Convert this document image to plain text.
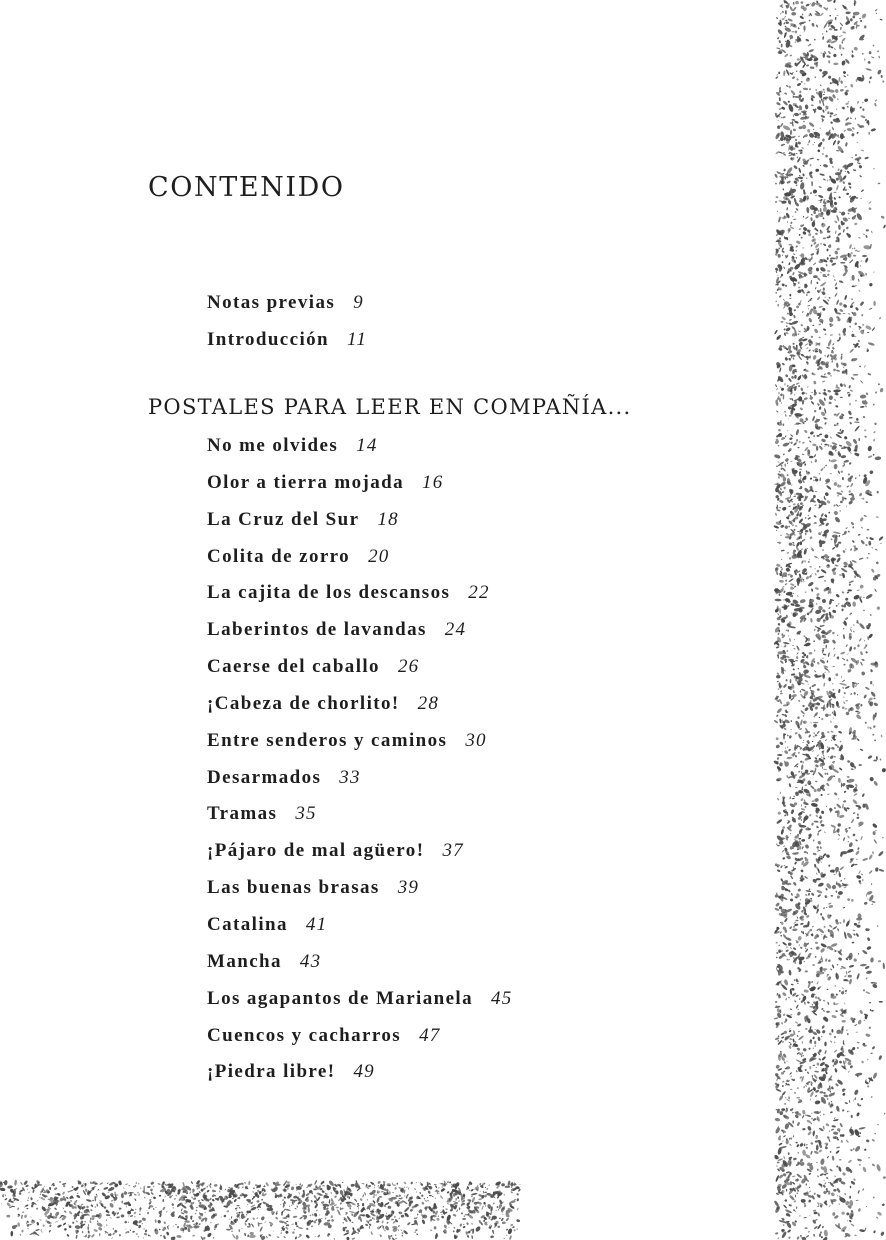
CONTENIDO
Notas previas 9
Introducción 11
POSTALES PARA LEER EN COMPAÑÍA...
No me olvides 14
Olor a tierra mojada 16
La Cruz del Sur 18
Colita de zorro 20
La cajita de los descansos 22
Laberintos de lavandas 24
Caerse del caballo 26
¡Cabeza de chorlito! 28
Entre senderos y caminos 30
Desarmados 33
Tramas 35
¡Pájaro de mal agüero! 37
Las buenas brasas 39
Catalina 41
Mancha 43
Los agapantos de Marianela 45
Cuencos y cacharros 47
¡Piedra libre! 49
